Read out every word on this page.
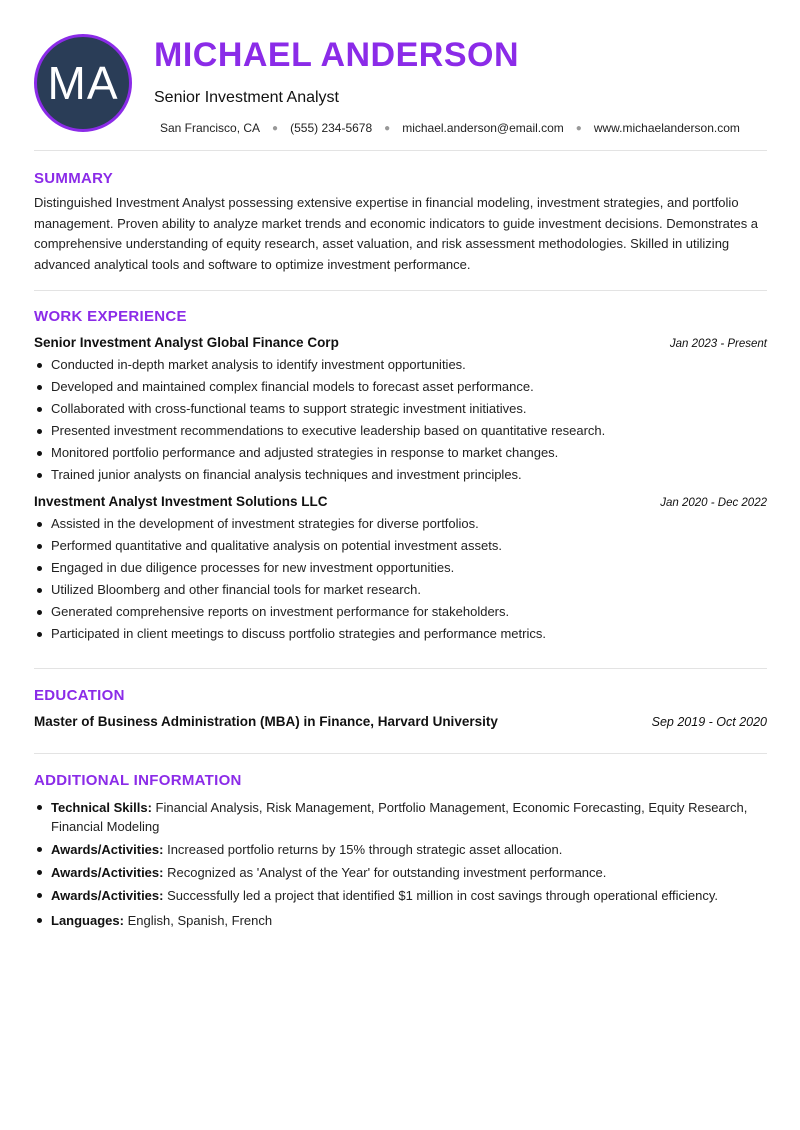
MA
MICHAEL ANDERSON
Senior Investment Analyst
San Francisco, CA ● (555) 234-5678 ● michael.anderson@email.com ● www.michaelanderson.com
SUMMARY

Distinguished Investment Analyst possessing extensive expertise in financial modeling, investment strategies, and portfolio management. Proven ability to analyze market trends and economic indicators to guide investment decisions. Demonstrates a comprehensive understanding of equity research, asset valuation, and risk assessment methodologies. Skilled in utilizing advanced analytical tools and software to optimize investment performance.

WORK EXPERIENCE
Senior Investment Analyst Global Finance Corp	Jan 2023 - Present
Conducted in-depth market analysis to identify investment opportunities.
Developed and maintained complex financial models to forecast asset performance.
Collaborated with cross-functional teams to support strategic investment initiatives.
Presented investment recommendations to executive leadership based on quantitative research.
Monitored portfolio performance and adjusted strategies in response to market changes.
Trained junior analysts on financial analysis techniques and investment principles.
Investment Analyst Investment Solutions LLC	Jan 2020 - Dec 2022
Assisted in the development of investment strategies for diverse portfolios.
Performed quantitative and qualitative analysis on potential investment assets.
Engaged in due diligence processes for new investment opportunities.
Utilized Bloomberg and other financial tools for market research.
Generated comprehensive reports on investment performance for stakeholders.
Participated in client meetings to discuss portfolio strategies and performance metrics.
EDUCATION
Master of Business Administration (MBA) in Finance, Harvard University	Sep 2019 - Oct 2020
ADDITIONAL INFORMATION
Technical Skills: Financial Analysis, Risk Management, Portfolio Management, Economic Forecasting, Equity Research, Financial Modeling
Awards/Activities: Increased portfolio returns by 15% through strategic asset allocation.
Awards/Activities: Recognized as 'Analyst of the Year' for outstanding investment performance.
Awards/Activities: Successfully led a project that identified $1 million in cost savings through operational efficiency.
Languages: English, Spanish, French
